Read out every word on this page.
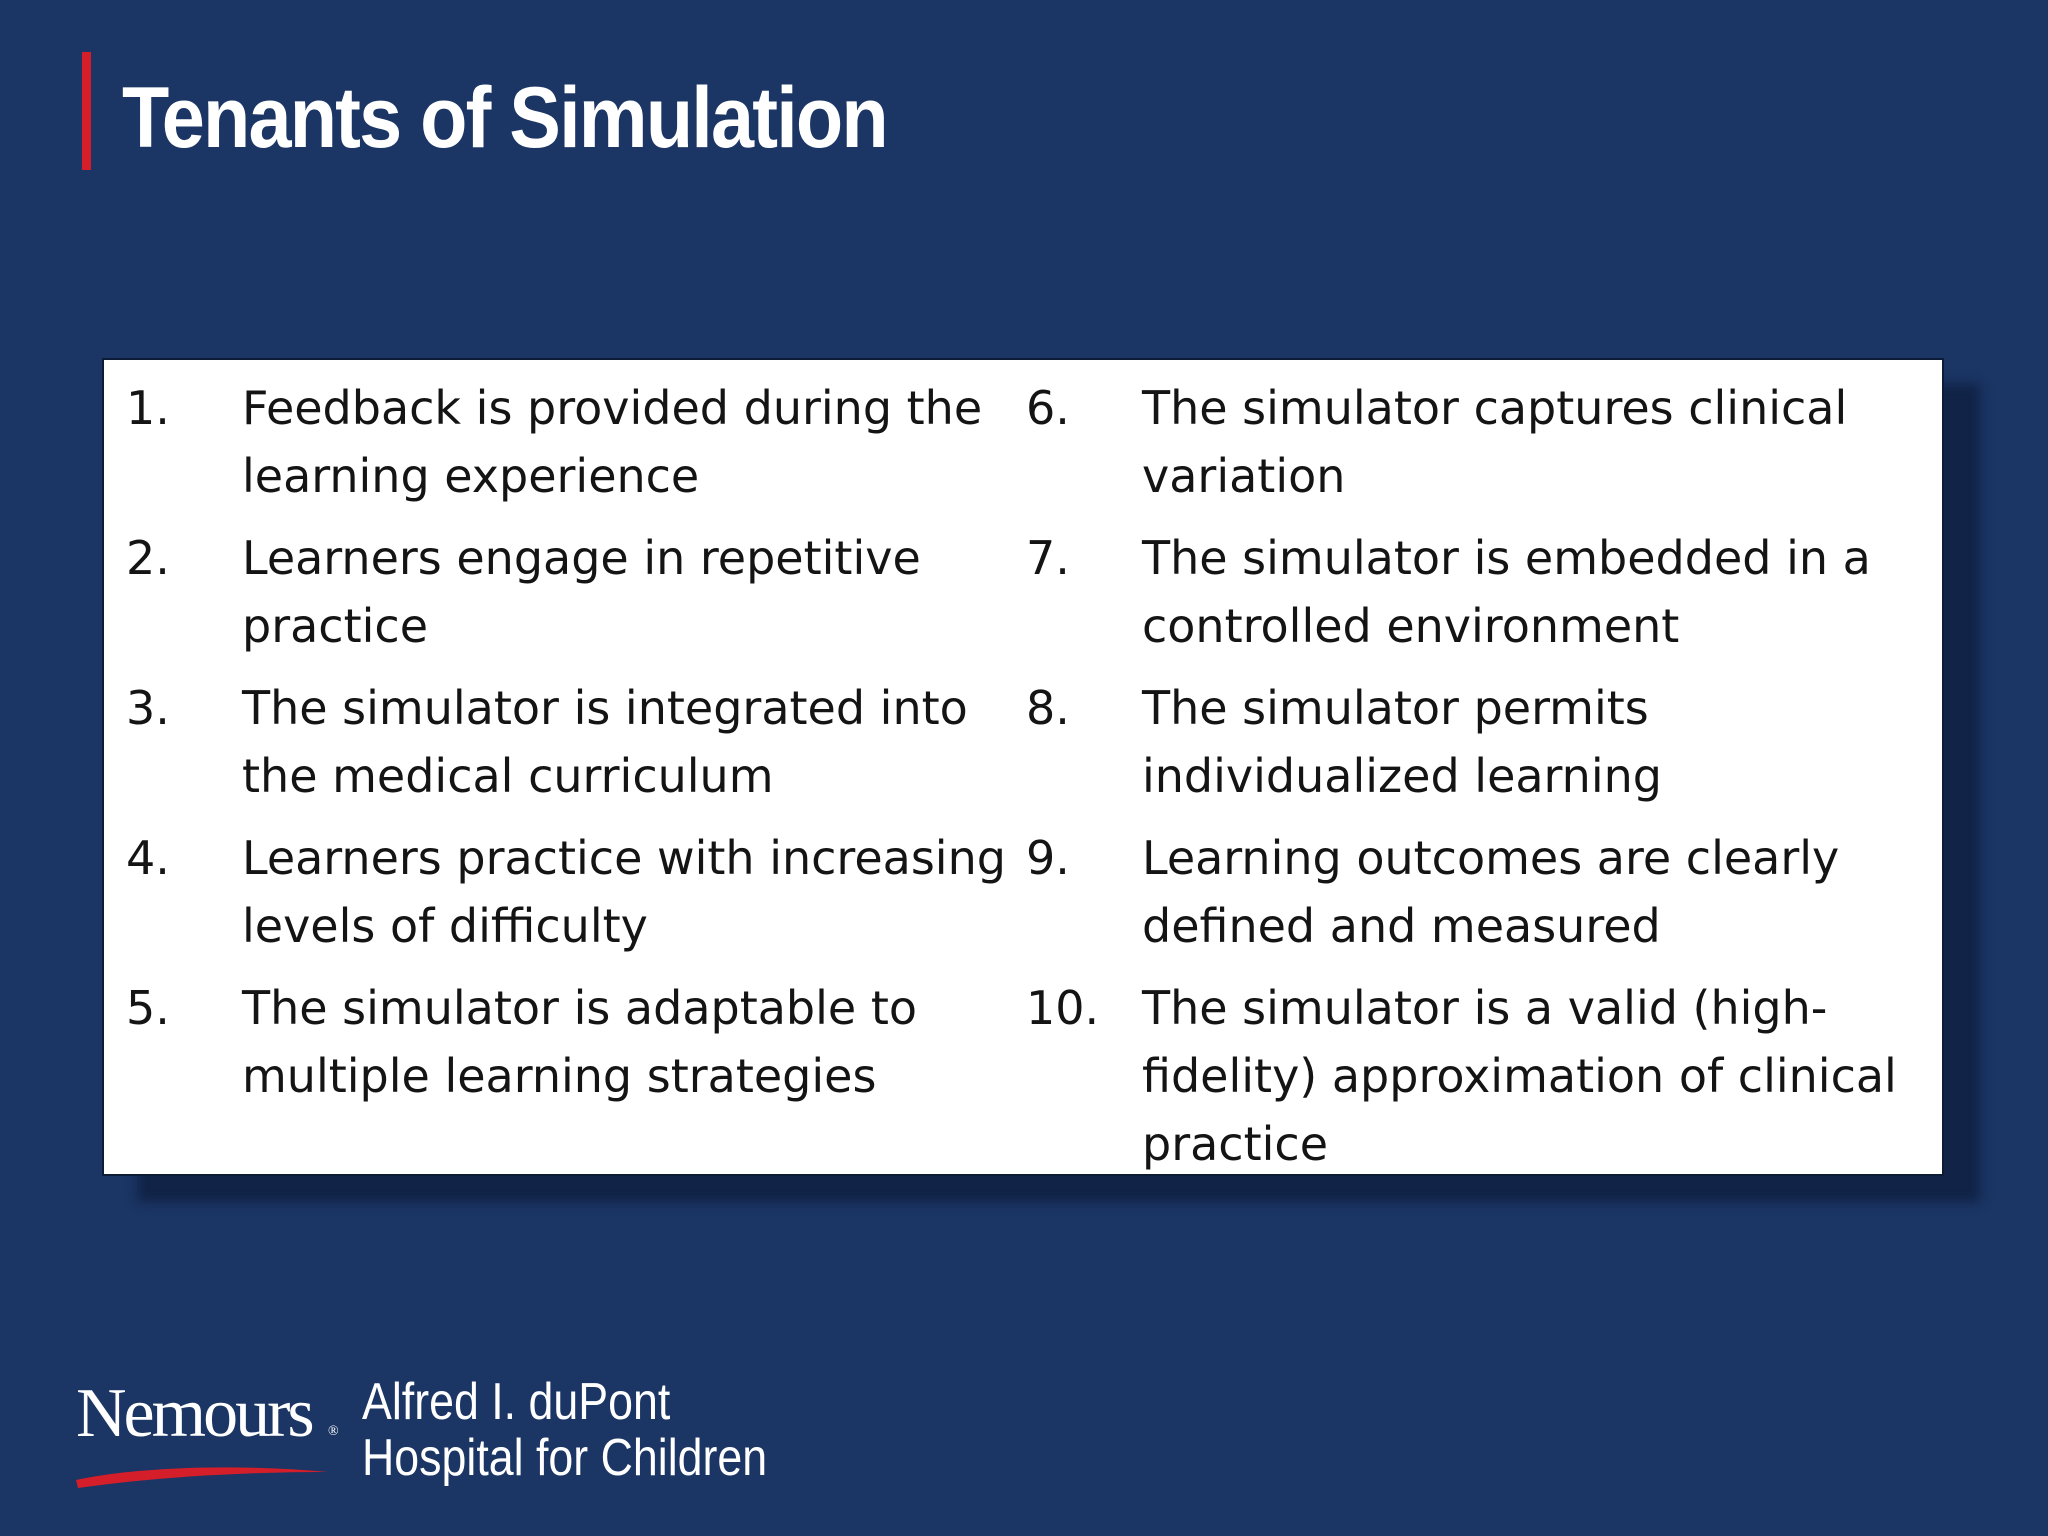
Tenants of Simulation
1. Feedback is provided during the learning experience
2. Learners engage in repetitive practice
3. The simulator is integrated into the medical curriculum
4. Learners practice with increasing levels of difficulty
5. The simulator is adaptable to multiple learning strategies
6. The simulator captures clinical variation
7. The simulator is embedded in a controlled environment
8. The simulator permits individualized learning
9. Learning outcomes are clearly defined and measured
10. The simulator is a valid (high-fidelity) approximation of clinical practice
Nemours ®
Alfred I. duPont
Hospital for Children
